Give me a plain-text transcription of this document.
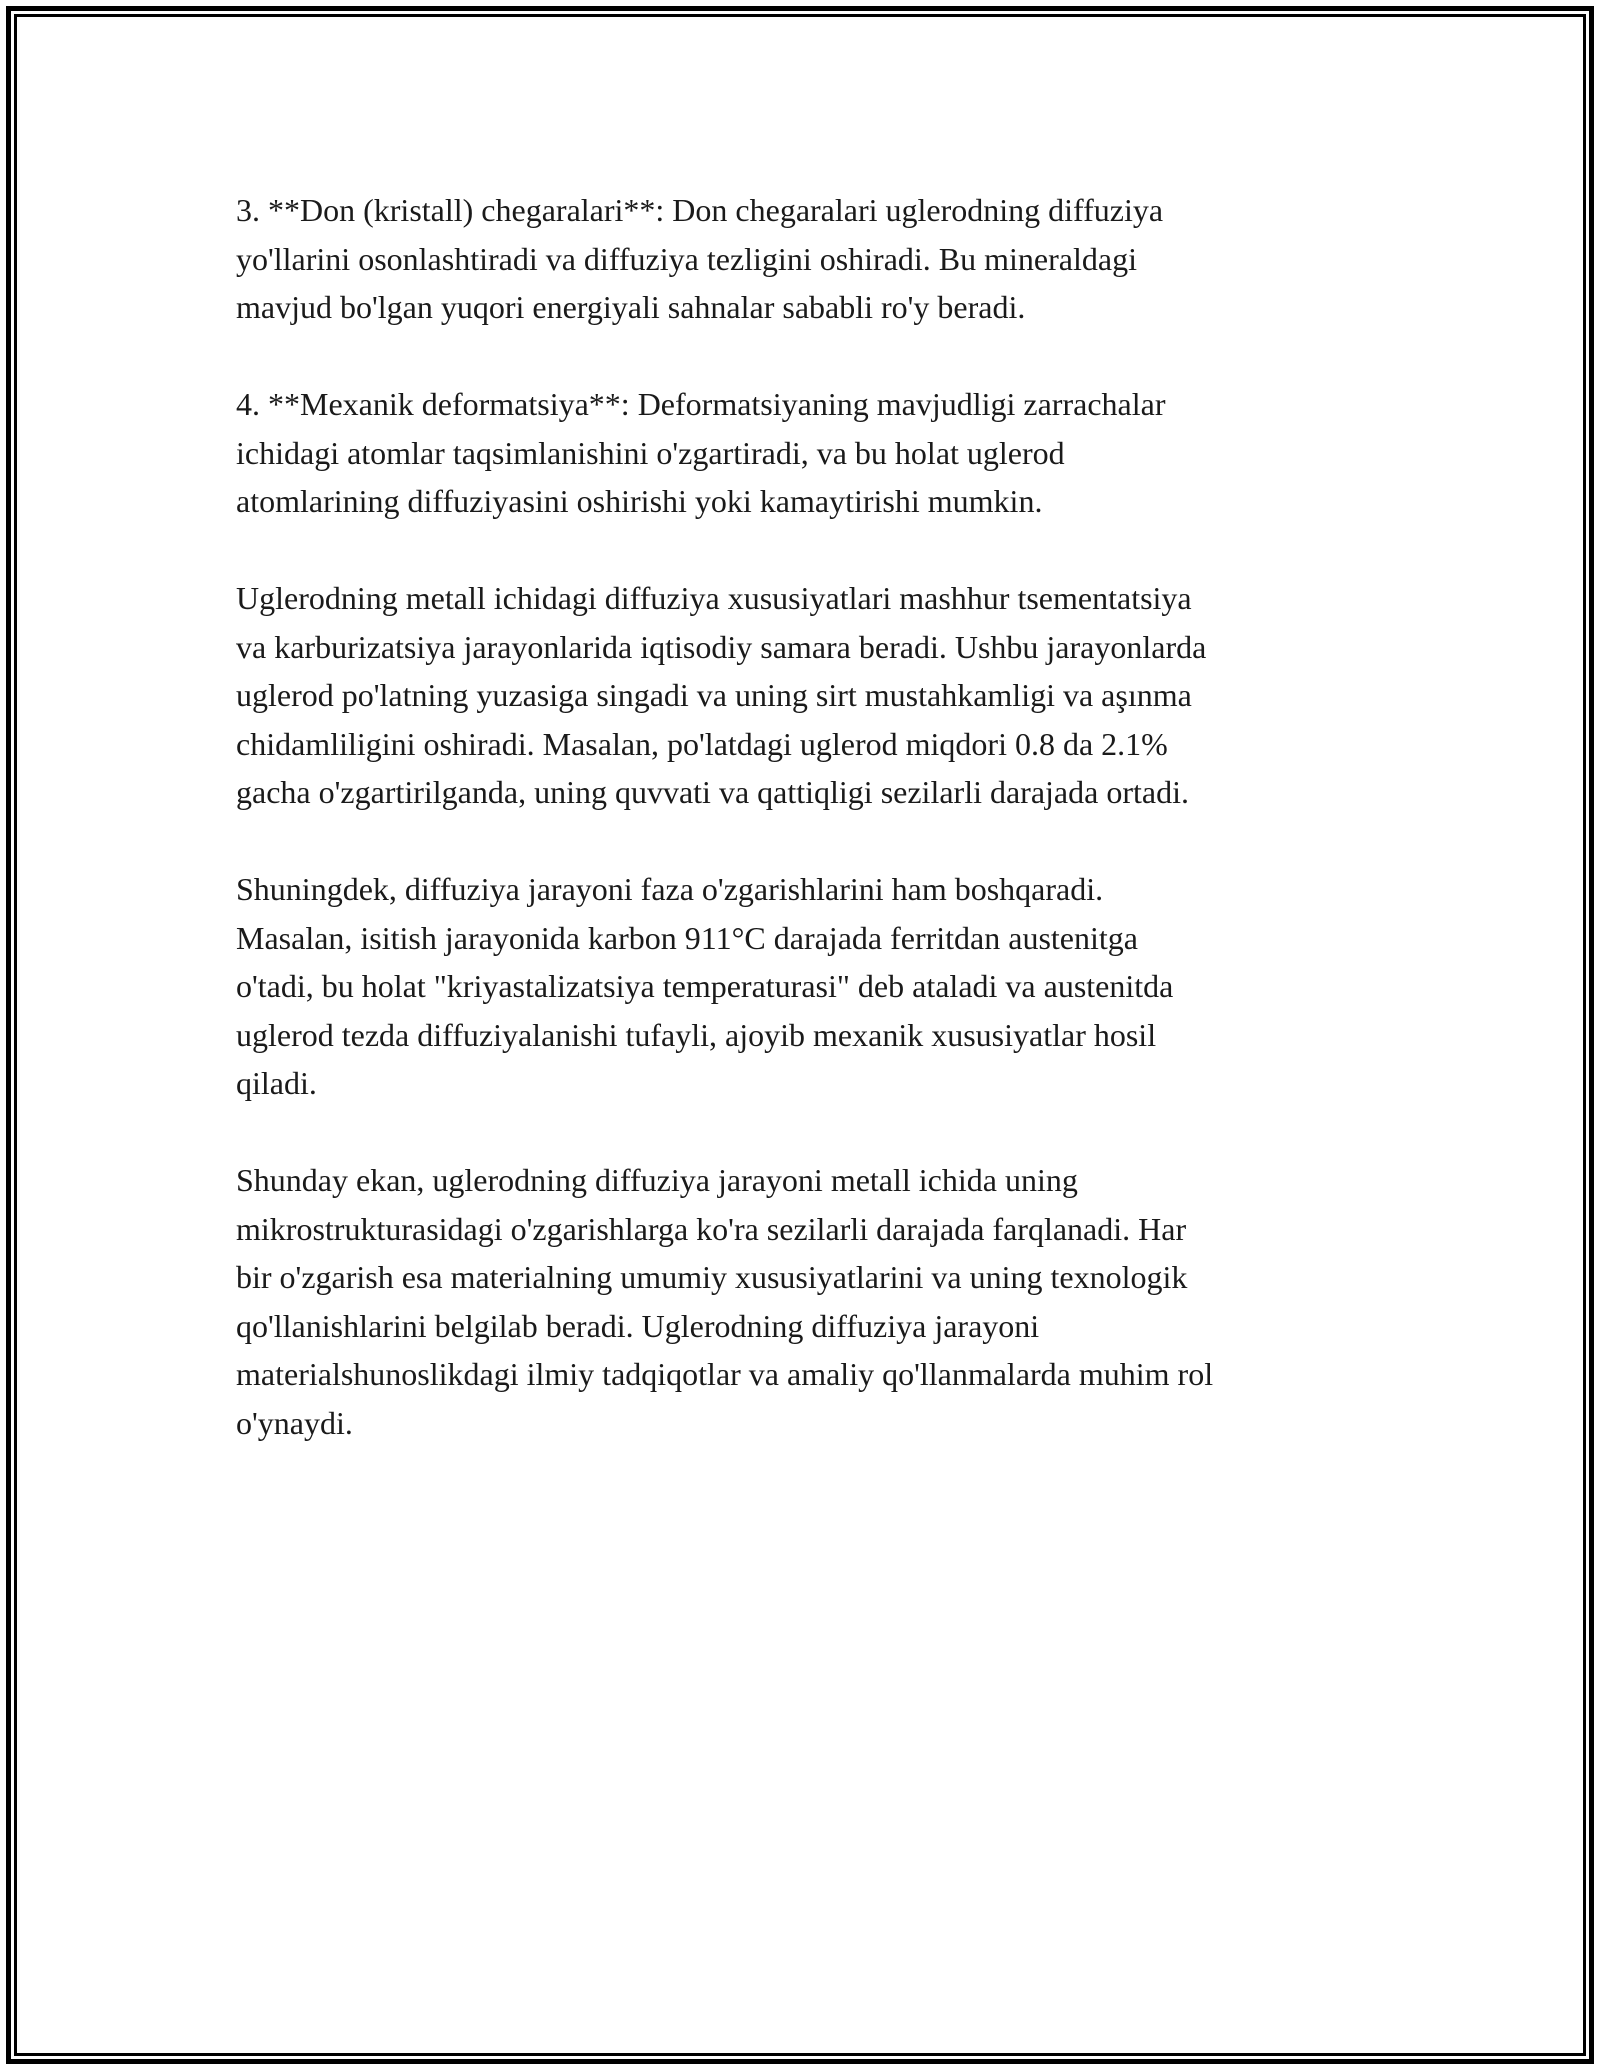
3. **Don (kristall) chegaralari**: Don chegaralari uglerodning diffuziya
yo'llarini osonlashtiradi va diffuziya tezligini oshiradi. Bu mineraldagi
mavjud bo'lgan yuqori energiyali sahnalar sababli ro'y beradi.

4. **Mexanik deformatsiya**: Deformatsiyaning mavjudligi zarrachalar
ichidagi atomlar taqsimlanishini o'zgartiradi, va bu holat uglerod
atomlarining diffuziyasini oshirishi yoki kamaytirishi mumkin.

Uglerodning metall ichidagi diffuziya xususiyatlari mashhur tsementatsiya
va karburizatsiya jarayonlarida iqtisodiy samara beradi. Ushbu jarayonlarda
uglerod po'latning yuzasiga singadi va uning sirt mustahkamligi va aşınma
chidamliligini oshiradi. Masalan, po'latdagi uglerod miqdori 0.8 da 2.1%
gacha o'zgartirilganda, uning quvvati va qattiqligi sezilarli darajada ortadi.

Shuningdek, diffuziya jarayoni faza o'zgarishlarini ham boshqaradi.
Masalan, isitish jarayonida karbon 911°C darajada ferritdan austenitga
o'tadi, bu holat "kriyastalizatsiya temperaturasi" deb ataladi va austenitda
uglerod tezda diffuziyalanishi tufayli, ajoyib mexanik xususiyatlar hosil
qiladi.

Shunday ekan, uglerodning diffuziya jarayoni metall ichida uning
mikrostrukturasidagi o'zgarishlarga ko'ra sezilarli darajada farqlanadi. Har
bir o'zgarish esa materialning umumiy xususiyatlarini va uning texnologik
qo'llanishlarini belgilab beradi. Uglerodning diffuziya jarayoni
materialshunoslikdagi ilmiy tadqiqotlar va amaliy qo'llanmalarda muhim rol
o'ynaydi.
